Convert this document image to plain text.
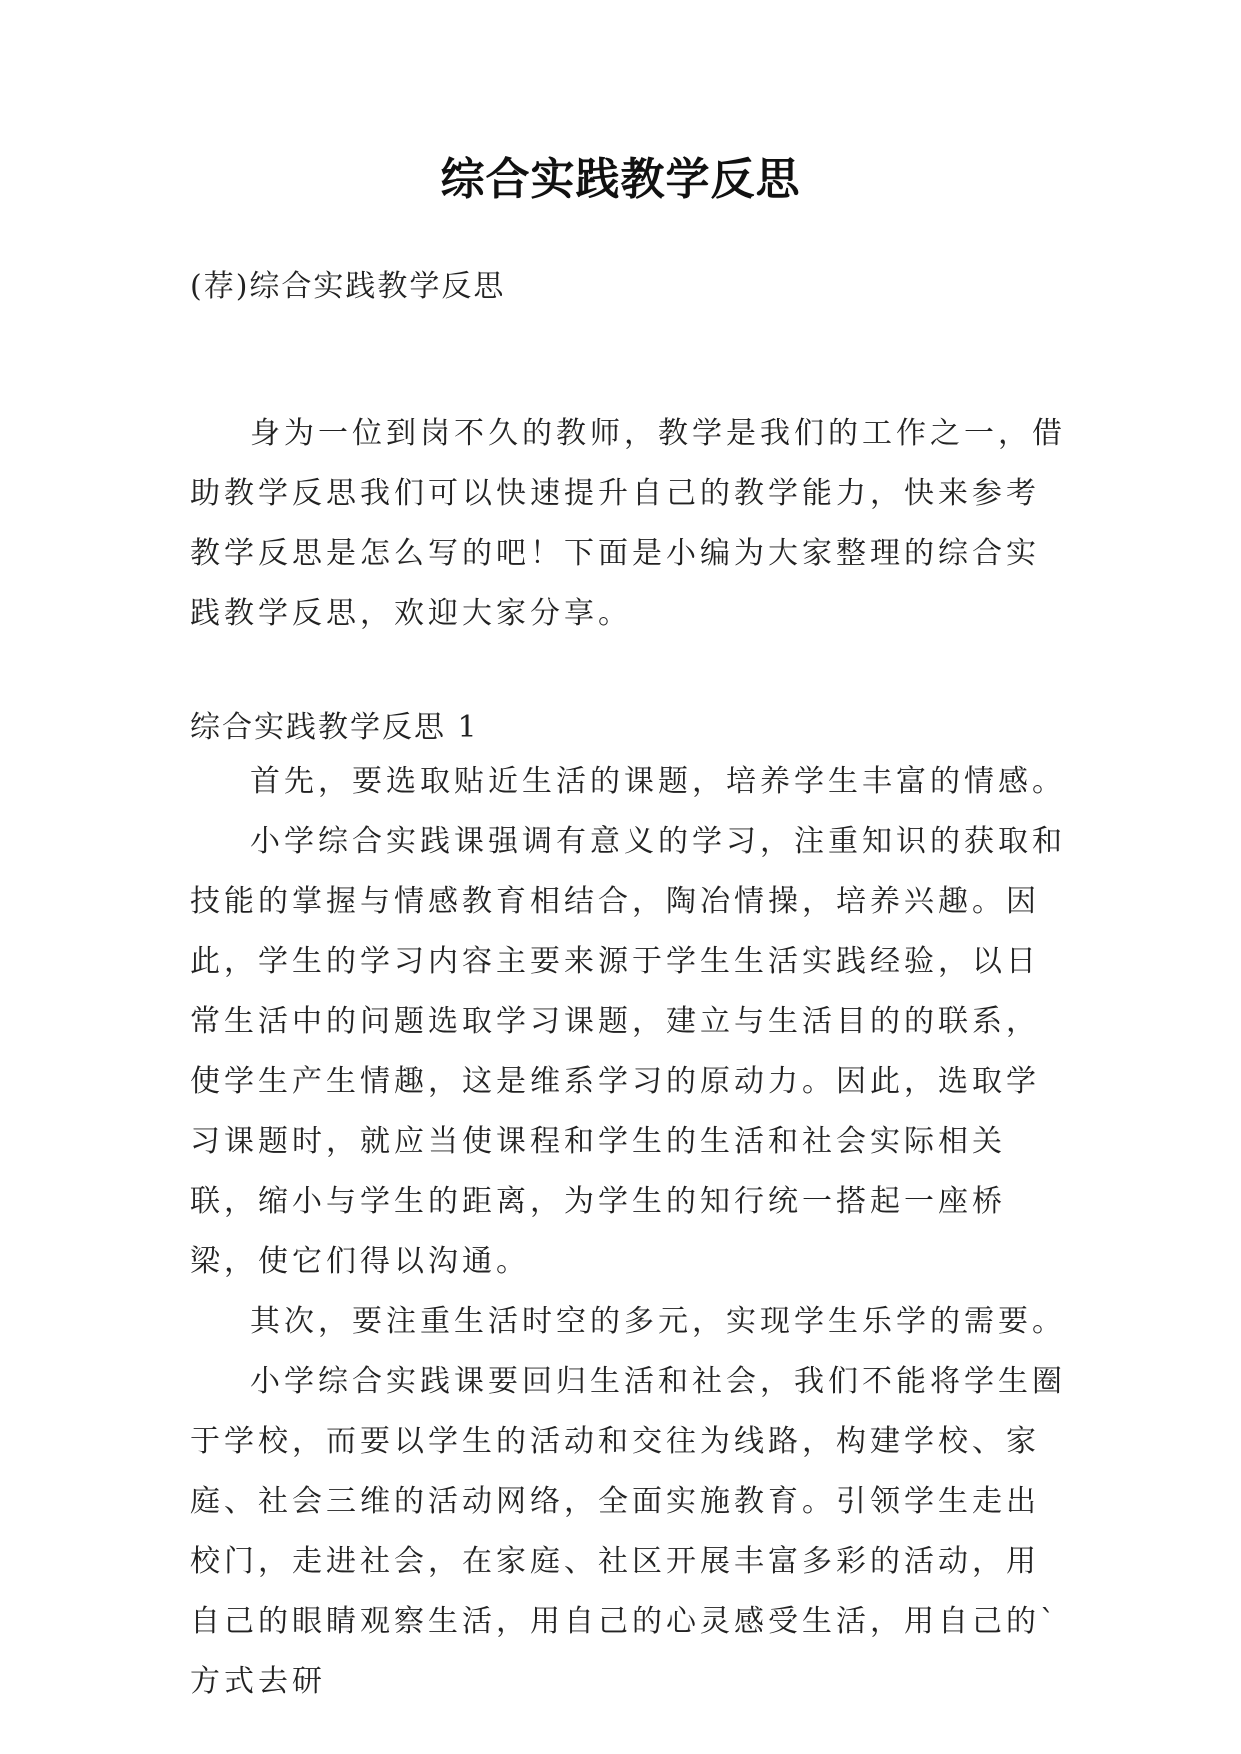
综合实践教学反思
(荐)综合实践教学反思

身为一位到岗不久的教师，教学是我们的工作之一，借助教学反思我们可以快速提升自己的教学能力，快来参考教学反思是怎么写的吧！下面是小编为大家整理的综合实践教学反思，欢迎大家分享。

综合实践教学反思 1

首先，要选取贴近生活的课题，培养学生丰富的情感。

小学综合实践课强调有意义的学习，注重知识的获取和技能的掌握与情感教育相结合，陶冶情操，培养兴趣。因此，学生的学习内容主要来源于学生生活实践经验，以日常生活中的问题选取学习课题，建立与生活目的的联系，使学生产生情趣，这是维系学习的原动力。因此，选取学习课题时，就应当使课程和学生的生活和社会实际相关联，缩小与学生的距离，为学生的知行统一搭起一座桥梁，使它们得以沟通。

其次，要注重生活时空的多元，实现学生乐学的需要。

小学综合实践课要回归生活和社会，我们不能将学生圈于学校，而要以学生的活动和交往为线路，构建学校、家庭、社会三维的活动网络，全面实施教育。引领学生走出校门，走进社会，在家庭、社区开展丰富多彩的活动，用自己的眼睛观察生活，用自己的心灵感受生活，用自己的`方式去研
